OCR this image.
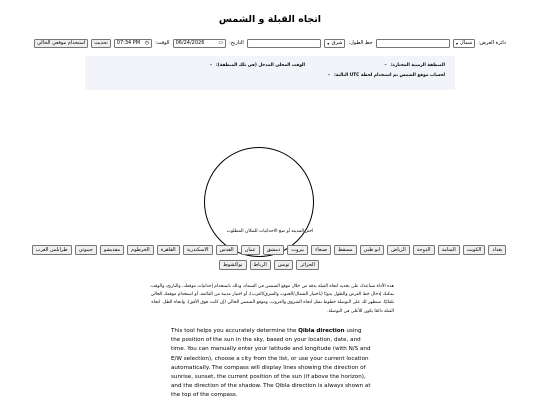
اتجاه القبلة و الشمس
دائرة العرض:
شمال
▾
خط الطول:
شرق
▾
التاريخ:
06/24/2026	▭
الوقت:
07:34 PM ◷
تحديث
استخدام موقعي الحالي
المنطقة الزمنية المختارة:
–
الوقت المحلي المدخل (في تلك المنطقة):
–
لحساب موقع الشمس تم استخدام لحظة UTC التالية:
–
اختر المدينة أو ضع الاحداثيات للمكان المطلوب
بغداد
الكويت
المنامة
الدوحة
الرياض
ابو ظبي
مسقط
صنعاء
بيروت
دمشق
عمان
القدس
الاسكندرية
القاهرة
الخرطوم
مقديشو
جيبوتي
طرابلس الغرب
الجزائر
تونس
الرباط
نواكشوط
هذه الأداة تساعدك على تحديد اتجاه القبلة بدقة من خلال موقع الشمس في السماء، وذلك باستخدام إحداثيات موقعك، والتاريخ، والوقت. يمكنك إدخال خط العرض والطول يدويًا (باختيار الشمال/الجنوب والشرق/الغرب)، أو اختيار مدينة من القائمة، أو استخدام موقعك الحالي تلقائيًا. ستظهر لك على البوصلة خطوط تمثل اتجاه الشروق والغروب، وموقع الشمس الحالي (إن كانت فوق الأفق)، واتجاه الظل. اتجاه القبلة دائمًا يكون للأعلى في البوصلة.
This tool helps you accurately determine the Qibla direction using the position of the sun in the sky, based on your location, date, and time. You can manually enter your latitude and longitude (with N/S and E/W selection), choose a city from the list, or use your current location automatically. The compass will display lines showing the direction of sunrise, sunset, the current position of the sun (if above the horizon), and the direction of the shadow. The Qibla direction is always shown at the top of the compass.
